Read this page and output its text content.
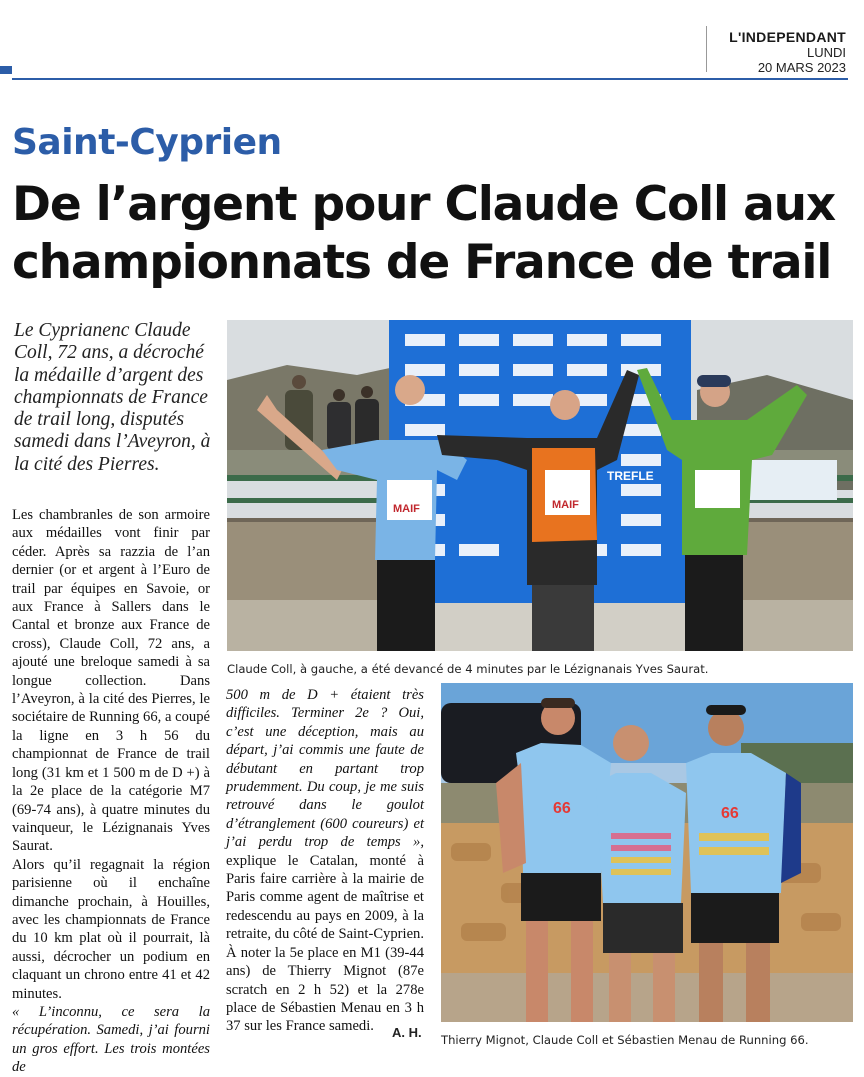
L'INDEPENDANT
LUNDI
20 MARS 2023
Saint-Cyprien
De l’argent pour Claude Coll aux
championnats de France de trail
Le Cyprianenc Claude Coll, 72 ans, a décroché la médaille d’argent des championnats de France de trail long, disputés samedi dans l’Aveyron, à la cité des Pierres.

Les chambranles de son armoire aux médailles vont finir par céder. Après sa razzia de l’an dernier (or et argent à l’Euro de trail par équipes en Savoie, or aux France à Sallers dans le Cantal et bronze aux France de cross), Claude Coll, 72 ans, a ajouté une breloque samedi à sa longue collection. Dans l’Aveyron, à la cité des Pierres, le sociétaire de Running 66, a coupé la ligne en 3 h 56 du championnat de France de trail long (31 km et 1 500 m de D +) à la 2e place de la catégorie M7 (69-74 ans), à quatre minutes du vainqueur, le Lézignanais Yves Saurat.

Alors qu’il regagnait la région parisienne où il enchaîne dimanche prochain, à Houilles, avec les championnats de France du 10 km plat où il pourrait, là aussi, décrocher un podium en claquant un chrono entre 41 et 42 minutes.

« L’inconnu, ce sera la récupération. Samedi, j’ai fourni un gros effort. Les trois montées de

500 m de D + étaient très difficiles. Terminer 2e ? Oui, c’est une déception, mais au départ, j’ai commis une faute de débutant en partant trop prudemment. Du coup, je me suis retrouvé dans le goulot d’étranglement (600 coureurs) et j’ai perdu trop de temps », explique le Catalan, monté à Paris faire carrière à la mairie de Paris comme agent de maîtrise et redescendu au pays en 2009, à la retraite, du côté de Saint-Cyprien. À noter la 5e place en M1 (39-44 ans) de Thierry Mignot (87e scratch en 2 h 52) et la 278e place de Sébastien Menau en 3 h 37 sur les France samedi.	A. H.
TREFLE
MAIF	MAIF
Claude Coll, à gauche, a été devancé de 4 minutes par le Lézignanais Yves Saurat.
66	66
Thierry Mignot, Claude Coll et Sébastien Menau de Running 66.
